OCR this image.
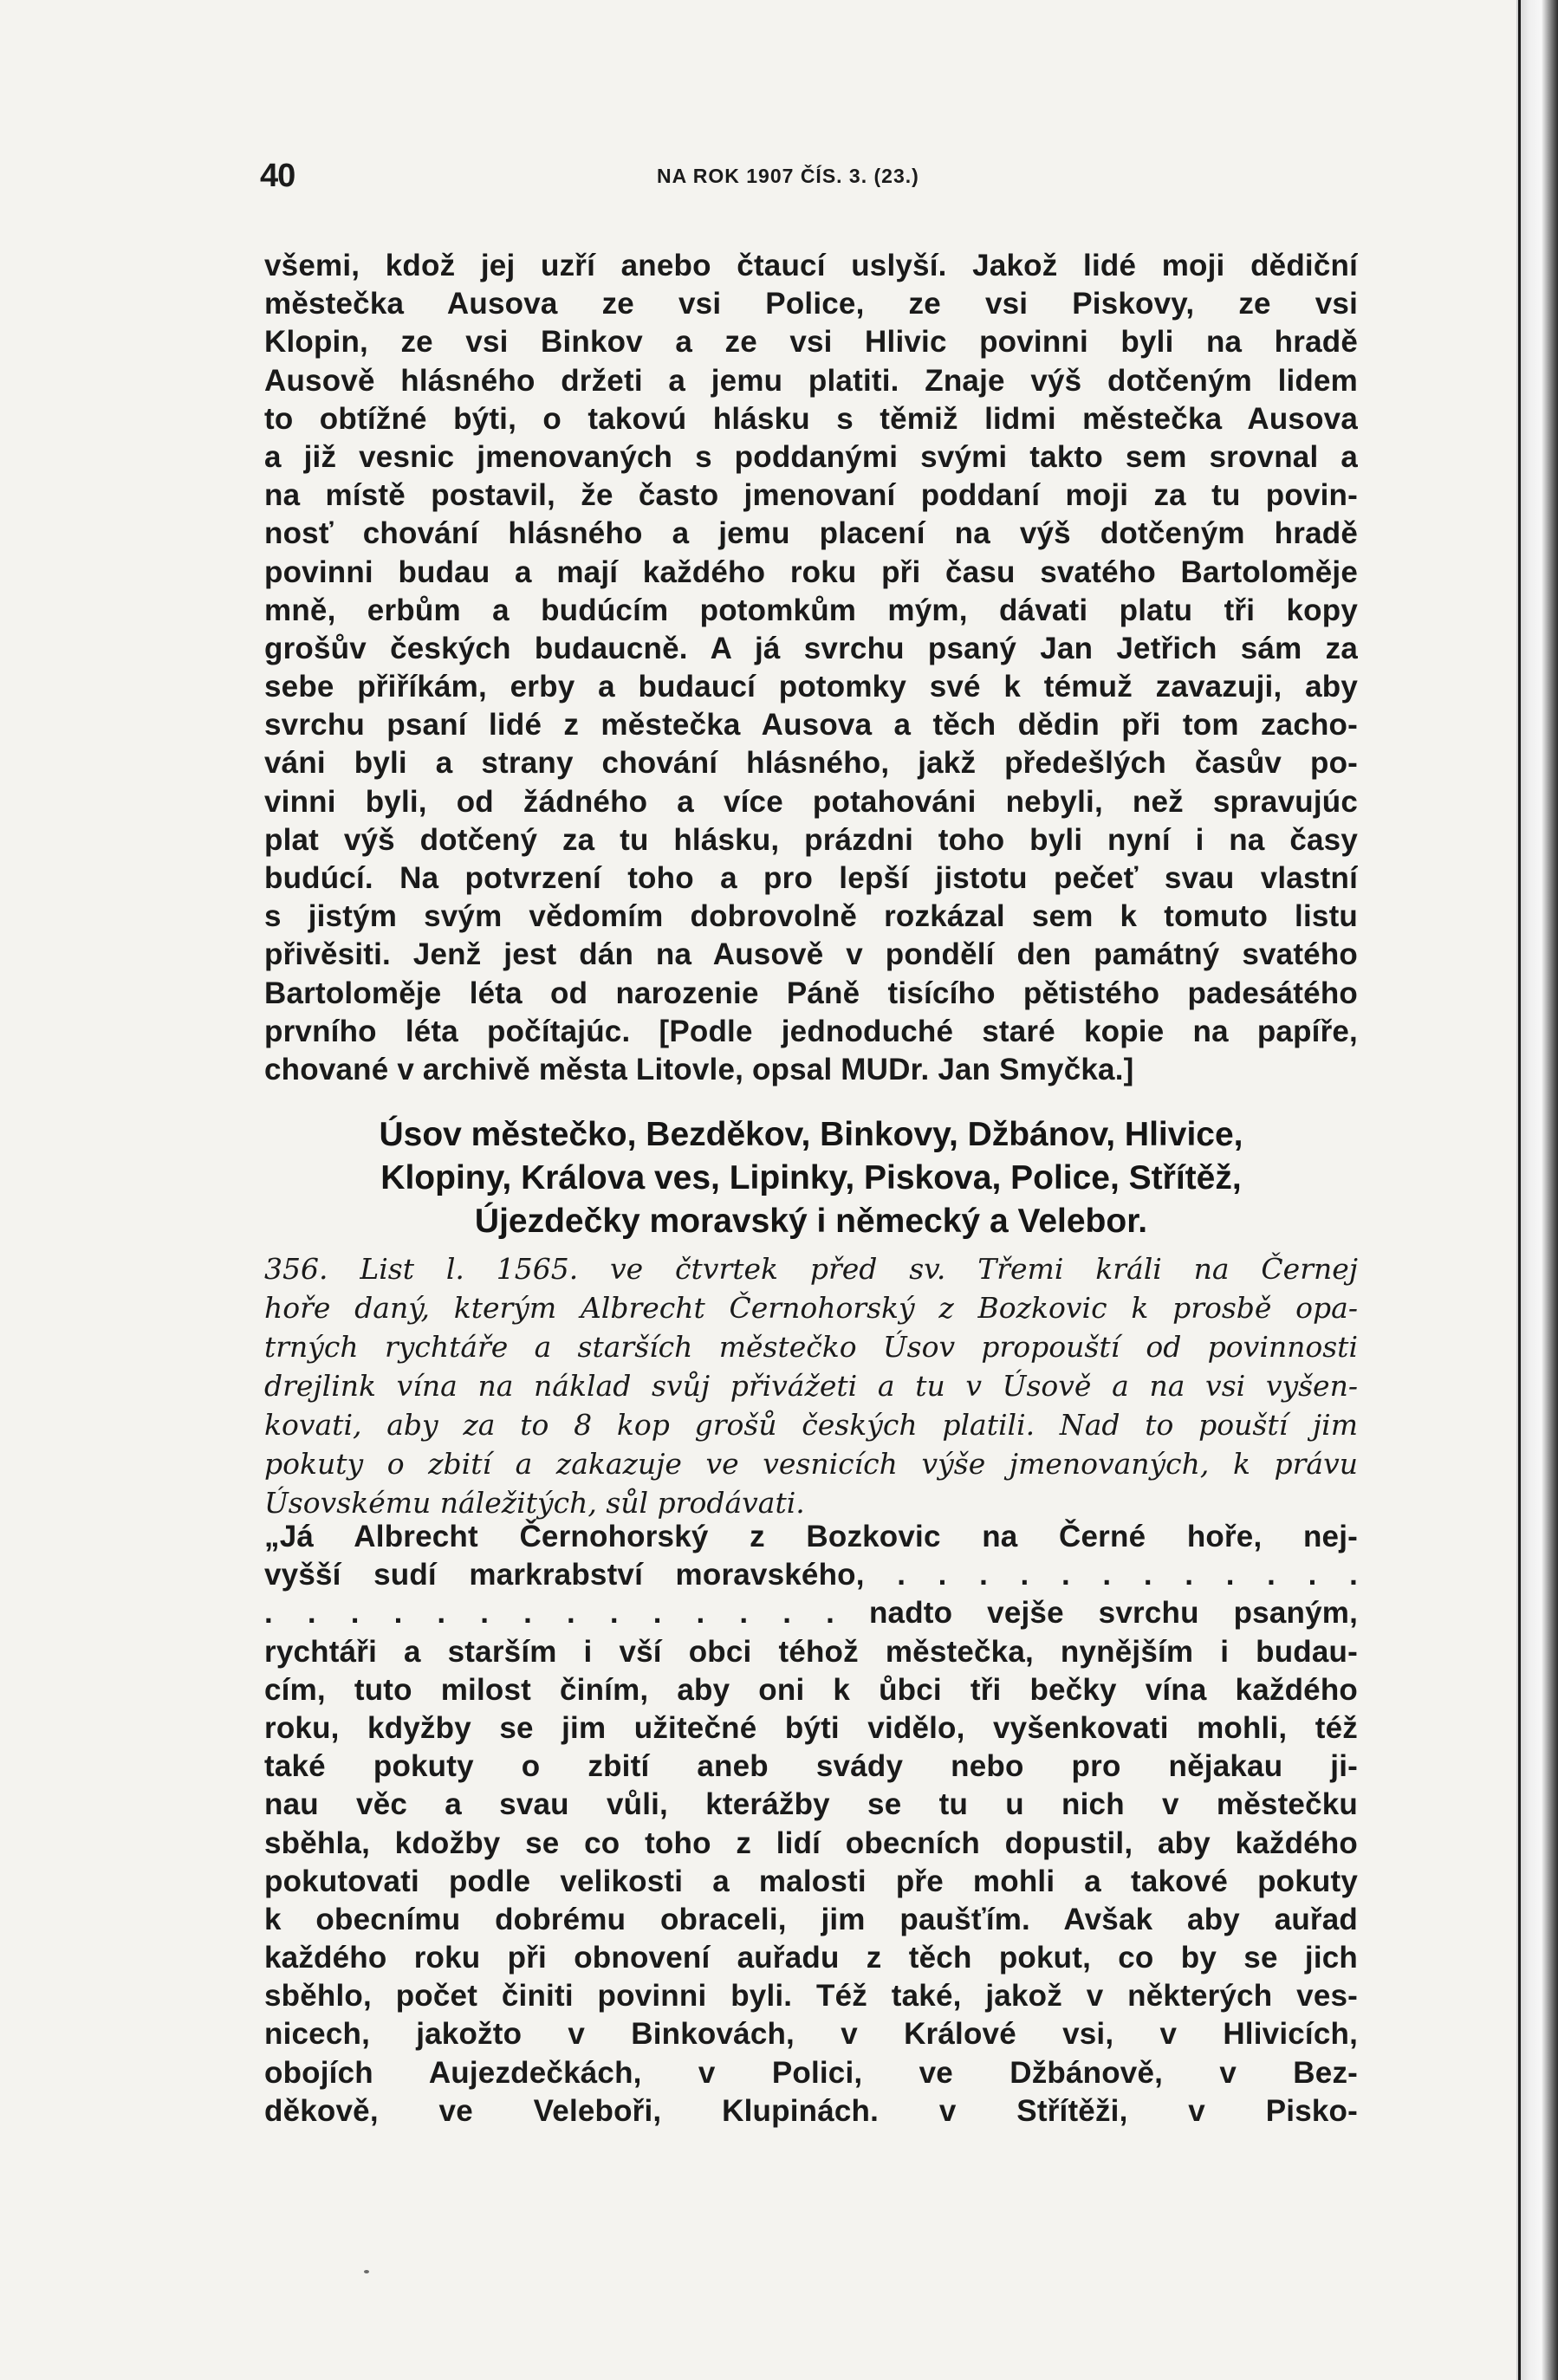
40	NA ROK 1907 ČÍS. 3. (23.)
všemi, kdož jej uzří anebo čtaucí uslyší. Jakož lidé moji dědiční
městečka Ausova ze vsi Police, ze vsi Piskovy, ze vsi
Klopin, ze vsi Binkov a ze vsi Hlivic povinni byli na hradě
Ausově hlásného držeti a jemu platiti. Znaje výš dotčeným lidem
to obtížné býti, o takovú hlásku s těmiž lidmi městečka Ausova
a již vesnic jmenovaných s poddanými svými takto sem srovnal a
na místě postavil, že často jmenovaní poddaní moji za tu povin-
nosť chování hlásného a jemu placení na výš dotčeným hradě
povinni budau a mají každého roku při času svatého Bartoloměje
mně, erbům a budúcím potomkům mým, dávati platu tři kopy
grošův českých budaucně. A já svrchu psaný Jan Jetřich sám za
sebe přiříkám, erby a budaucí potomky své k témuž zavazuji, aby
svrchu psaní lidé z městečka Ausova a těch dědin při tom zacho-
váni byli a strany chování hlásného, jakž předešlých časův po-
vinni byli, od žádného a více potahováni nebyli, než spravujúc
plat výš dotčený za tu hlásku, prázdni toho byli nyní i na časy
budúcí. Na potvrzení toho a pro lepší jistotu pečeť svau vlastní
s jistým svým vědomím dobrovolně rozkázal sem k tomuto listu
přivěsiti. Jenž jest dán na Ausově v pondělí den památný svatého
Bartoloměje léta od narozenie Páně tisícího pětistého padesátého
prvního léta počítajúc. [Podle jednoduché staré kopie na papíře,
chované v archivě města Litovle, opsal MUDr. Jan Smyčka.]
Úsov městečko, Bezděkov, Binkovy, Džbánov, Hlivice,
Klopiny, Králova ves, Lipinky, Piskova, Police, Střítěž,
Újezdečky moravský i německý a Velebor.
356. List l. 1565. ve čtvrtek před sv. Třemi králi na Černej
hoře daný, kterým Albrecht Černohorský z Bozkovic k prosbě opa-
trných rychtáře a starších městečko Úsov propouští od povinnosti
drejlink vína na náklad svůj přivážeti a tu v Úsově a na vsi vyšen-
kovati, aby za to 8 kop grošů českých platili. Nad to pouští jim
pokuty o zbití a zakazuje ve vesnicích výše jmenovaných, k právu
Úsovskému náležitých, sůl prodávati.
„Já Albrecht Černohorský z Bozkovic na Černé hoře, nej-
vyšší sudí markrabství moravského, . . . . . . . . . . . .
. . . . . . . . . . . . . . nadto vejše svrchu psaným,
rychtáři a starším i vší obci téhož městečka, nynějším i budau-
cím, tuto milost činím, aby oni k ůbci tři bečky vína každého
roku, kdyžby se jim užitečné býti vidělo, vyšenkovati mohli, též
také pokuty o zbití aneb svády nebo pro nějakau ji-
nau věc a svau vůli, kterážby se tu u nich v městečku
sběhla, kdožby se co toho z lidí obecních dopustil, aby každého
pokutovati podle velikosti a malosti pře mohli a takové pokuty
k obecnímu dobrému obraceli, jim paušťím. Avšak aby auřad
každého roku při obnovení auřadu z těch pokut, co by se jich
sběhlo, počet činiti povinni byli. Též také, jakož v některých ves-
nicech, jakožto v Binkovách, v Králové vsi, v Hlivicích,
obojích Aujezdečkách, v Polici, ve Džbánově, v Bez-
děkově, ve Veleboři, Klupinách. v Střítěži, v Pisko-
